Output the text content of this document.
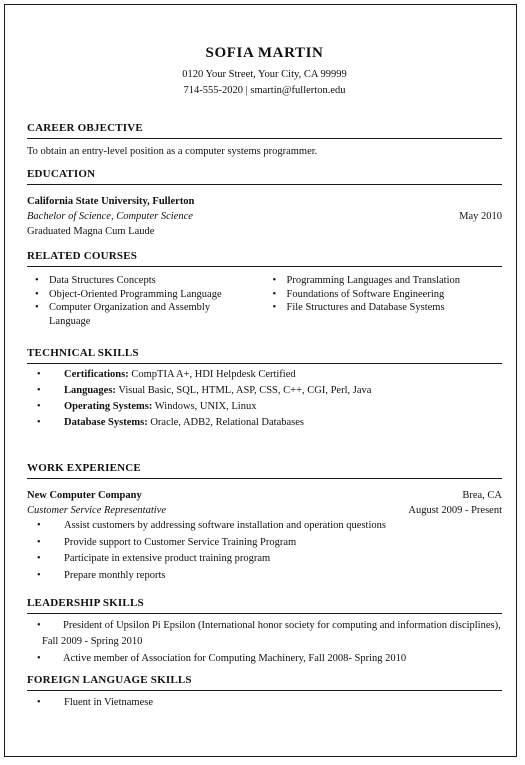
SOFIA MARTIN
0120 Your Street, Your City, CA 99999
714-555-2020 | smartin@fullerton.edu
CAREER OBJECTIVE
To obtain an entry-level position as a computer systems programmer.
EDUCATION
California State University, Fullerton
Bachelor of Science, Computer Science	May 2010
Graduated Magna Cum Laude
RELATED COURSES
• Data Structures Concepts
• Object-Oriented Programming Language
• Computer Organization and Assembly Language
• Programming Languages and Translation
• Foundations of Software Engineering
• File Structures and Database Systems
TECHNICAL SKILLS
• Certifications: CompTIA A+, HDI Helpdesk Certified
• Languages: Visual Basic, SQL, HTML, ASP, CSS, C++, CGI, Perl, Java
• Operating Systems: Windows, UNIX, Linux
• Database Systems: Oracle, ADB2, Relational Databases
WORK EXPERIENCE
New Computer Company	Brea, CA
Customer Service Representative	August 2009 - Present
• Assist customers by addressing software installation and operation questions
• Provide support to Customer Service Training Program
• Participate in extensive product training program
• Prepare monthly reports
LEADERSHIP SKILLS
• President of Upsilon Pi Epsilon (International honor society for computing and information disciplines), Fall 2009 - Spring 2010
• Active member of Association for Computing Machinery, Fall 2008- Spring 2010
FOREIGN LANGUAGE SKILLS
• Fluent in Vietnamese
